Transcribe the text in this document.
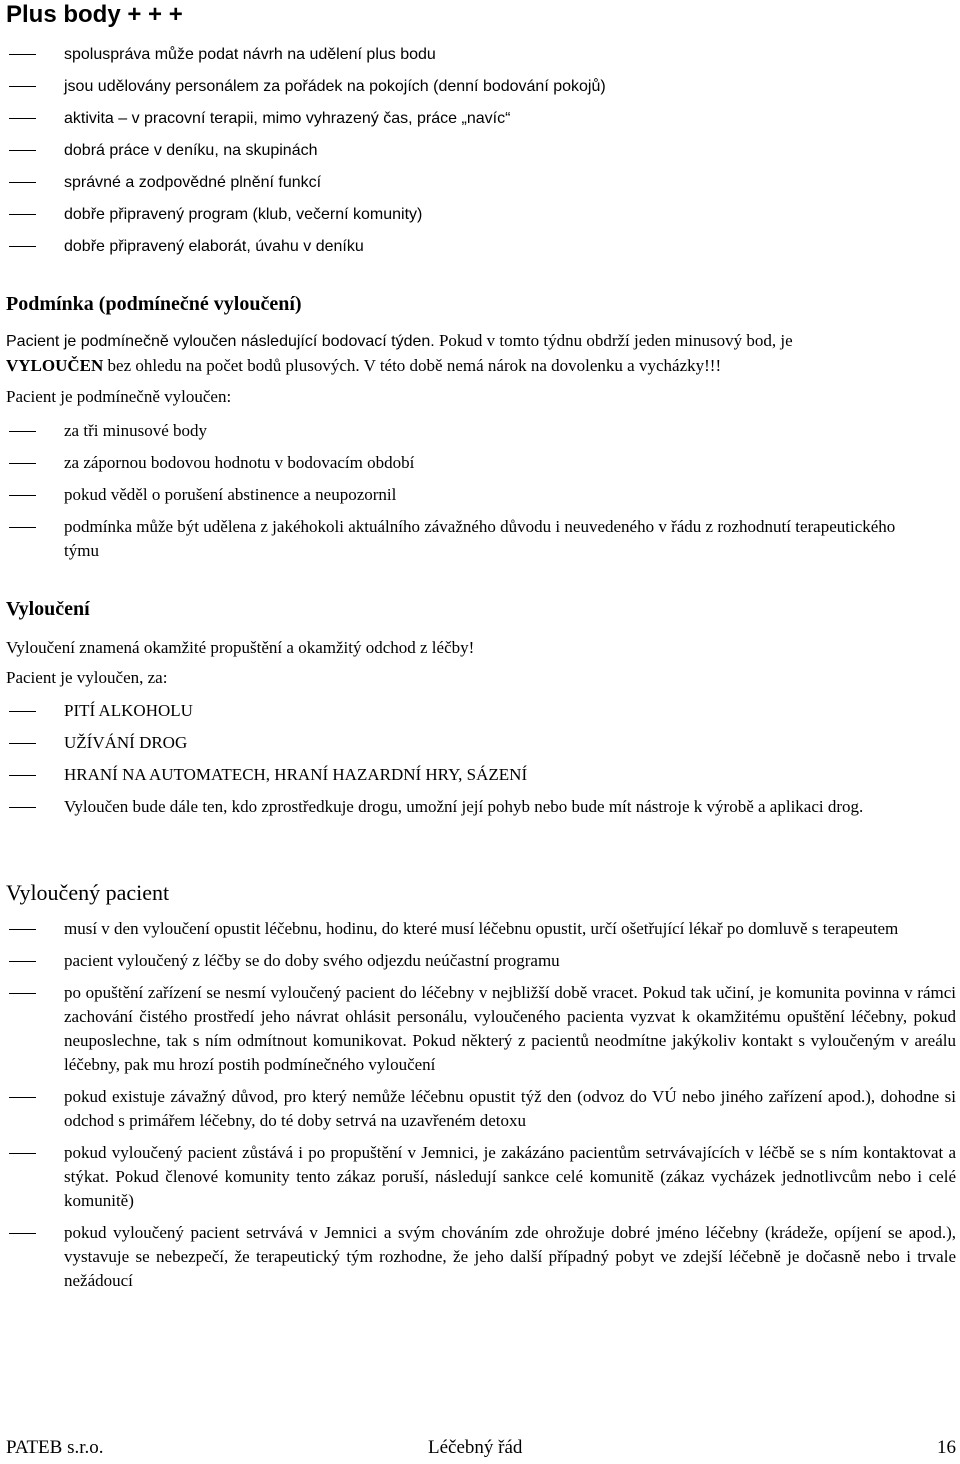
Plus body + + +
spoluspráva může podat návrh na udělení plus bodu
jsou udělovány personálem za pořádek na pokojích (denní bodování pokojů)
aktivita – v pracovní terapii, mimo vyhrazený čas, práce „navíc“
dobrá práce v deníku, na skupinách
správné a zodpovědné plnění funkcí
dobře připravený program (klub, večerní komunity)
dobře připravený elaborát, úvahu v deníku
Podmínka (podmínečné vyloučení)

Pacient je podmínečně vyloučen následující bodovací týden. Pokud v tomto týdnu obdrží jeden minusový bod, je
VYLOUČEN bez ohledu na počet bodů plusových. V této době nemá nárok na dovolenku a vycházky!!!

Pacient je podmínečně vyloučen:

za tři minusové body
za zápornou bodovou hodnotu v bodovacím období
pokud věděl o porušení abstinence a neupozornil
podmínka může být udělena z jakéhokoli aktuálního závažného důvodu i neuvedeného v řádu z rozhodnutí terapeutického týmu
Vyloučení

Vyloučení znamená okamžité propuštění a okamžitý odchod z léčby!

Pacient je vyloučen, za:

PITÍ ALKOHOLU
UŽÍVÁNÍ DROG
HRANÍ NA AUTOMATECH, HRANÍ HAZARDNÍ HRY, SÁZENÍ
Vyloučen bude dále ten, kdo zprostředkuje drogu, umožní její pohyb nebo bude mít nástroje k výrobě a aplikaci drog.
Vyloučený pacient
musí v den vyloučení opustit léčebnu, hodinu, do které musí léčebnu opustit, určí ošetřující lékař po domluvě s terapeutem
pacient vyloučený z léčby se do doby svého odjezdu neúčastní programu
po opuštění zařízení se nesmí vyloučený pacient do léčebny v nejbližší době vracet. Pokud tak učiní, je komunita povinna v rámci zachování čistého prostředí jeho návrat ohlásit personálu, vyloučeného pacienta vyzvat k okamžitému opuštění léčebny, pokud neuposlechne, tak s ním odmítnout komunikovat. Pokud některý z pacientů neodmítne jakýkoliv kontakt s vyloučeným v areálu léčebny, pak mu hrozí postih podmínečného vyloučení
pokud existuje závažný důvod, pro který nemůže léčebnu opustit týž den (odvoz do VÚ nebo jiného zařízení apod.), dohodne si odchod s primářem léčebny, do té doby setrvá na uzavřeném detoxu
pokud vyloučený pacient zůstává i po propuštění v Jemnici, je zakázáno pacientům setrvávajících v léčbě se s ním kontaktovat a stýkat. Pokud členové komunity tento zákaz poruší, následují sankce celé komunitě (zákaz vycházek jednotlivcům nebo i celé komunitě)
pokud vyloučený pacient setrvává v Jemnici a svým chováním zde ohrožuje dobré jméno léčebny (krádeže, opíjení se apod.), vystavuje se nebezpečí, že terapeutický tým rozhodne, že jeho další případný pobyt ve zdejší léčebně je dočasně nebo i trvale nežádoucí
PATEB s.r.o.	Léčebný řád	16
